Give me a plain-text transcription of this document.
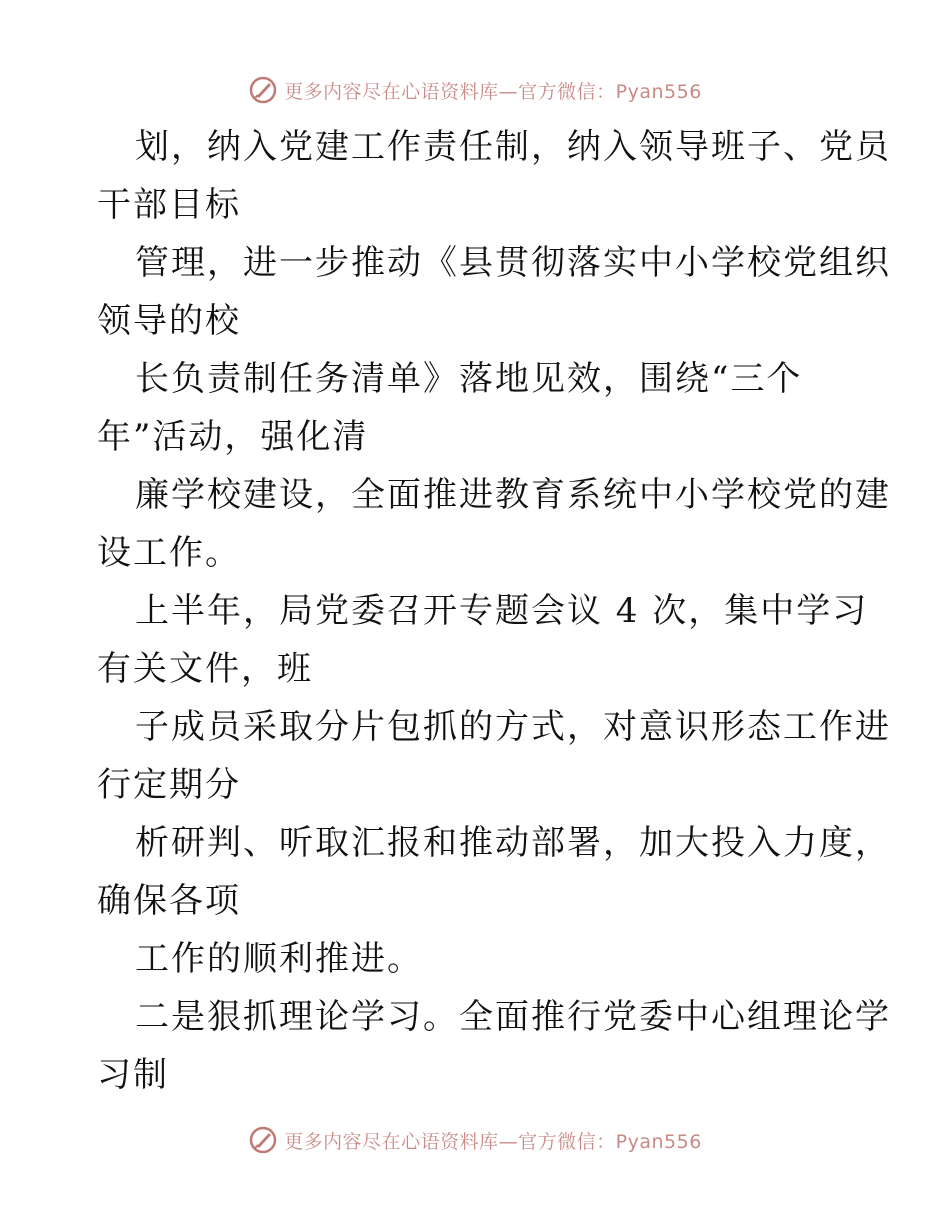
更多内容尽在心语资料库—官方微信：Pyan556
划，纳入党建工作责任制，纳入领导班子、党员
干部目标
管理，进一步推动《县贯彻落实中小学校党组织
领导的校
长负责制任务清单》落地见效，围绕“三个
年”活动，强化清
廉学校建设，全面推进教育系统中小学校党的建
设工作。
上半年，局党委召开专题会议 4 次，集中学习
有关文件，班
子成员采取分片包抓的方式，对意识形态工作进
行定期分
析研判、听取汇报和推动部署，加大投入力度，
确保各项
工作的顺利推进。
二是狠抓理论学习。全面推行党委中心组理论学
习制
更多内容尽在心语资料库—官方微信：Pyan556
